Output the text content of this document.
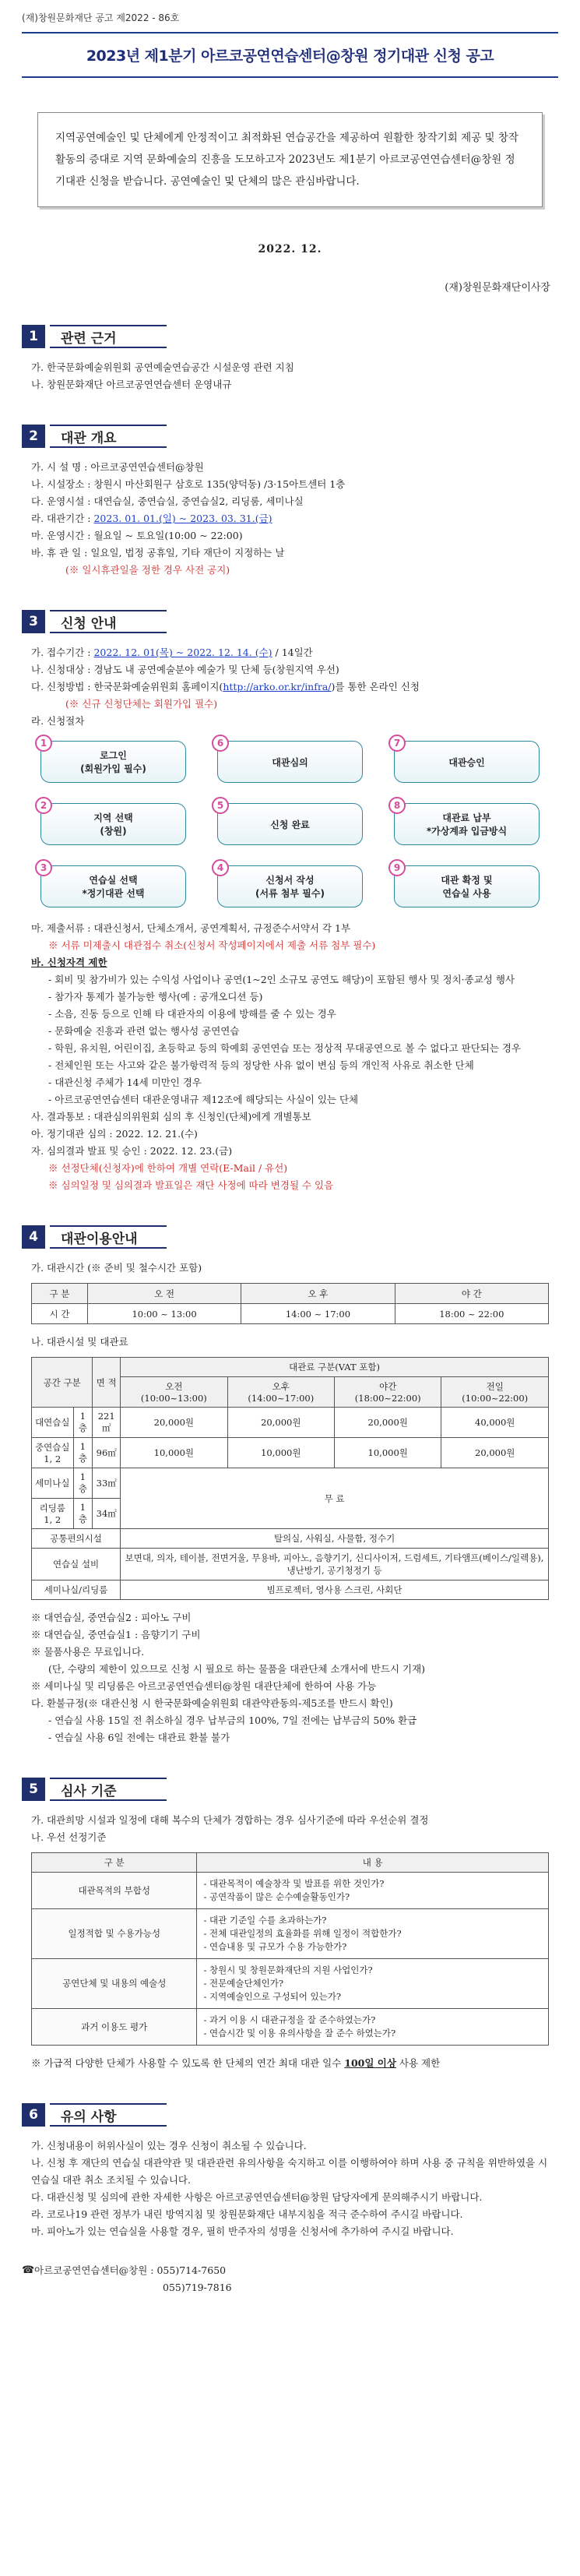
(재)창원문화재단 공고 제2022 - 86호
2023년 제1분기 아르코공연연습센터@창원 정기대관 신청 공고
지역공연예술인 및 단체에게 안정적이고 최적화된 연습공간을 제공하여 원활한 창작기회 제공 및 창작활동의 증대로 지역 문화예술의 진흥을 도모하고자 2023년도 제1분기 아르코공연연습센터@창원 정기대관 신청을 받습니다. 공연예술인 및 단체의 많은 관심바랍니다.
2022. 12.
(재)창원문화재단이사장
1	관련 근거
가. 한국문화예술위원회 공연예술연습공간 시설운영 관련 지침
나. 창원문화재단 아르코공연연습센터 운영내규
2	대관 개요
가. 시 설 명 : 아르코공연연습센터@창원
나. 시설장소 : 창원시 마산회원구 삼호로 135(양덕동) /3·15아트센터 1층
다. 운영시설 : 대연습실, 중연습실, 중연습실2, 리딩룸, 세미나실
라. 대관기간 : 2023. 01. 01.(일) ~ 2023. 03. 31.(금)
마. 운영시간 : 월요일 ~ 토요일(10:00 ~ 22:00)
바. 휴 관 일 : 일요일, 법정 공휴일, 기타 재단이 지정하는 날
(※ 일시휴관일을 정한 경우 사전 공지)
3	신청 안내
가. 접수기간 : 2022. 12. 01(목) ~ 2022. 12. 14. (수) / 14일간
나. 신청대상 : 경남도 내 공연예술분야 예술가 및 단체 등(창원지역 우선)
다. 신청방법 : 한국문화예술위원회 홈페이지(http://arko.or.kr/infra/)를 통한 온라인 신청
(※ 신규 신청단체는 회원가입 필수)
라. 신청절차
1
로그인
(회원가입 필수)
6
대관심의
7
대관승인
2
지역 선택
(창원)
5
신청 완료
8
대관료 납부
*가상계좌 입금방식
3
연습실 선택
*정기대관 선택
4
신청서 작성
(서류 첨부 필수)
9
대관 확정 및
연습실 사용
마. 제출서류 : 대관신청서, 단체소개서, 공연계획서, 규정준수서약서 각 1부
※ 서류 미제출시 대관접수 취소(신청서 작성페이지에서 제출 서류 첨부 필수)
바. 신청자격 제한
- 회비 및 참가비가 있는 수익성 사업이나 공연(1~2인 소규모 공연도 해당)이 포함된 행사 및 정치·종교성 행사
- 참가자 통제가 불가능한 행사(예 : 공개오디션 등)
- 소음, 진동 등으로 인해 타 대관자의 이용에 방해를 줄 수 있는 경우
- 문화예술 진흥과 관련 없는 행사성 공연연습
- 학원, 유치원, 어린이집, 초등학교 등의 학예회 공연연습 또는 정상적 무대공연으로 볼 수 없다고 판단되는 경우
- 전체인원 또는 사고와 같은 불가항력적 등의 정당한 사유 없이 변심 등의 개인적 사유로 취소한 단체
- 대관신청 주체가 14세 미만인 경우
- 아르코공연연습센터 대관운영내규 제12조에 해당되는 사실이 있는 단체
사. 결과통보 : 대관심의위원회 심의 후 신청인(단체)에게 개별통보
아. 정기대관 심의 : 2022. 12. 21.(수)
자. 심의결과 발표 및 승인 : 2022. 12. 23.(금)
※ 선정단체(신청자)에 한하여 개별 연락(E-Mail / 유선)
※ 심의일정 및 심의결과 발표일은 재단 사정에 따라 변경될 수 있음
4	대관이용안내
가. 대관시간 (※ 준비 및 철수시간 포함)
구 분	오 전	오 후	야 간
시 간	10:00 ~ 13:00	14:00 ~ 17:00	18:00 ~ 22:00
나. 대관시설 및 대관료
공간 구분		면 적	대관료 구분(VAT 포함)			
			오전
(10:00~13:00)	오후
(14:00~17:00)	야간
(18:00~22:00)	전일
(10:00~22:00)
대연습실	1 층	221㎡	20,000원	20,000원	20,000원	40,000원
중연습실 1, 2	1 층	96㎡	10,000원	10,000원	10,000원	20,000원
세미나실	1 층	33㎡	무 료			
리딩룸 1, 2	1 층	34㎡				
공통편의시설			탈의실, 사워실, 사물함, 정수기			
연습실 설비			보면대, 의자, 테이블, 전면거울, 무용바, 피아노, 음향기기, 신디사이저, 드럼세트, 기타앰프(베이스/일렉용), 냉난방기, 공기청정기 등			
세미나실/리딩룸			빔프로젝터, 영사용 스크린, 사회단			
※ 대연습실, 중연습실2 : 피아노 구비
※ 대연습실, 중연습실1 : 음향기기 구비
※ 물품사용은 무료입니다.
(단, 수량의 제한이 있으므로 신청 시 필요로 하는 물품을 대관단체 소개서에 반드시 기재)
※ 세미나실 및 리딩룸은 아르코공연연습센터@창원 대관단체에 한하여 사용 가능
다. 환불규정(※ 대관신청 시 한국문화예술위원회 대관약관동의-제5조를 반드시 확인)
- 연습실 사용 15일 전 취소하실 경우 납부금의 100%, 7일 전에는 납부금의 50% 환급
- 연습실 사용 6일 전에는 대관료 환불 불가
5	심사 기준
가. 대관희망 시설과 일정에 대해 복수의 단체가 경합하는 경우 심사기준에 따라 우선순위 결정
나. 우선 선정기준
구 분	내 용
대관목적의 부합성	- 대관목적이 예술창작 및 발표를 위한 것인가?
- 공연작품이 많은 순수예술활동인가?
일정적합 및 수용가능성	- 대관 기준일 수를 초과하는가?
- 전체 대관일정의 효율화를 위해 일정이 적합한가?
- 연습내용 및 규모가 수용 가능한가?
공연단체 및 내용의 예술성	- 창원시 및 창원문화재단의 지원 사업인가?
- 전문예술단체인가?
- 지역예술인으로 구성되어 있는가?
과거 이용도 평가	- 과거 이용 시 대관규정을 잘 준수하였는가?
- 연습시간 및 이용 유의사항을 잘 준수 하였는가?
※ 가급적 다양한 단체가 사용할 수 있도록 한 단체의 연간 최대 대관 일수 100일 이상 사용 제한
6	유의 사항
가. 신청내용이 허위사실이 있는 경우 신청이 취소될 수 있습니다.
나. 신청 후 재단의 연습실 대관약관 및 대관관련 유의사항을 숙지하고 이를 이행하여야 하며 사용 중 규칙을 위반하였을 시 연습실 대관 취소 조치될 수 있습니다.
다. 대관신청 및 심의에 관한 자세한 사항은 아르코공연연습센터@창원 담당자에게 문의해주시기 바랍니다.
라. 코로나19 관련 정부가 내린 방역지침 및 창원문화재단 내부지침을 적극 준수하여 주시길 바랍니다.
마. 피아노가 있는 연습실을 사용할 경우, 필히 반주자의 성명을 신청서에 추가하여 주시길 바랍니다.
☎ 아르코공연연습센터@창원 : 055)714-7650
055)719-7816
